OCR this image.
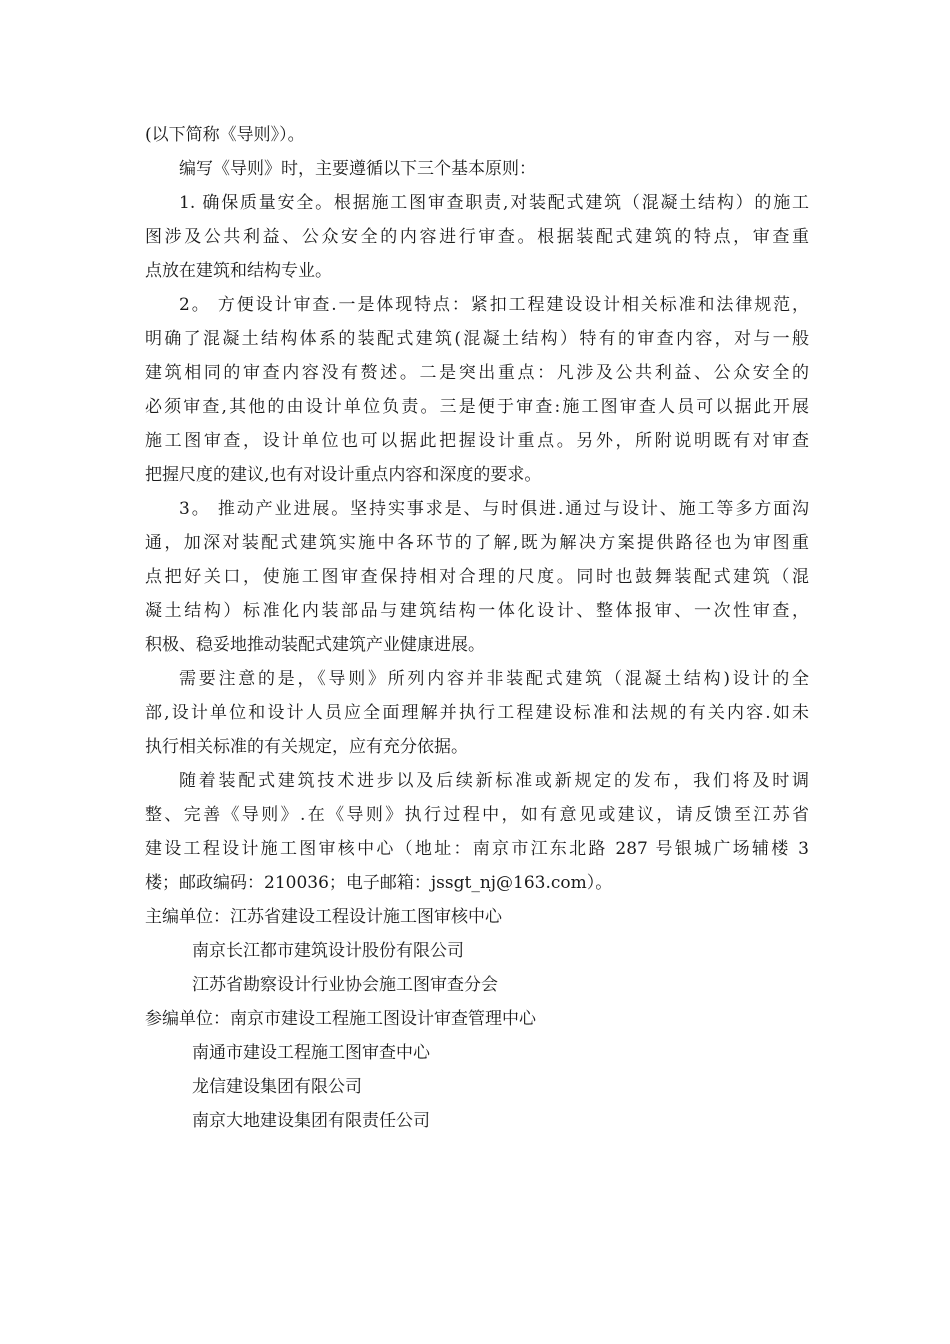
(以下简称《导则》）。
编写《导则》时，主要遵循以下三个基本原则：
1. 确保质量安全。根据施工图审查职责,对装配式建筑（混凝土结构）的施工
图涉及公共利益、公众安全的内容进行审查。根据装配式建筑的特点，审查重
点放在建筑和结构专业。
2。 方便设计审查.一是体现特点：紧扣工程建设设计相关标准和法律规范，
明确了混凝土结构体系的装配式建筑(混凝土结构）特有的审查内容，对与一般
建筑相同的审查内容没有赘述。二是突出重点：凡涉及公共利益、公众安全的
必须审查,其他的由设计单位负责。三是便于审查:施工图审查人员可以据此开展
施工图审查，设计单位也可以据此把握设计重点。另外，所附说明既有对审查
把握尺度的建议,也有对设计重点内容和深度的要求。
3。 推动产业进展。坚持实事求是、与时俱进.通过与设计、施工等多方面沟
通，加深对装配式建筑实施中各环节的了解,既为解决方案提供路径也为审图重
点把好关口，使施工图审查保持相对合理的尺度。同时也鼓舞装配式建筑（混
凝土结构）标准化内装部品与建筑结构一体化设计、整体报审、一次性审查，
积极、稳妥地推动装配式建筑产业健康进展。
需要注意的是，《导则》所列内容并非装配式建筑（混凝土结构)设计的全
部,设计单位和设计人员应全面理解并执行工程建设标准和法规的有关内容.如未
执行相关标准的有关规定，应有充分依据。
随着装配式建筑技术进步以及后续新标准或新规定的发布，我们将及时调
整、完善《导则》.在《导则》执行过程中，如有意见或建议，请反馈至江苏省
建设工程设计施工图审核中心（地址：南京市江东北路 287 号银城广场辅楼 3
楼；邮政编码：210036；电子邮箱：jssgt_nj@163.com）。
主编单位：江苏省建设工程设计施工图审核中心
南京长江都市建筑设计股份有限公司
江苏省勘察设计行业协会施工图审查分会
参编单位：南京市建设工程施工图设计审查管理中心
南通市建设工程施工图审查中心
龙信建设集团有限公司
南京大地建设集团有限责任公司
